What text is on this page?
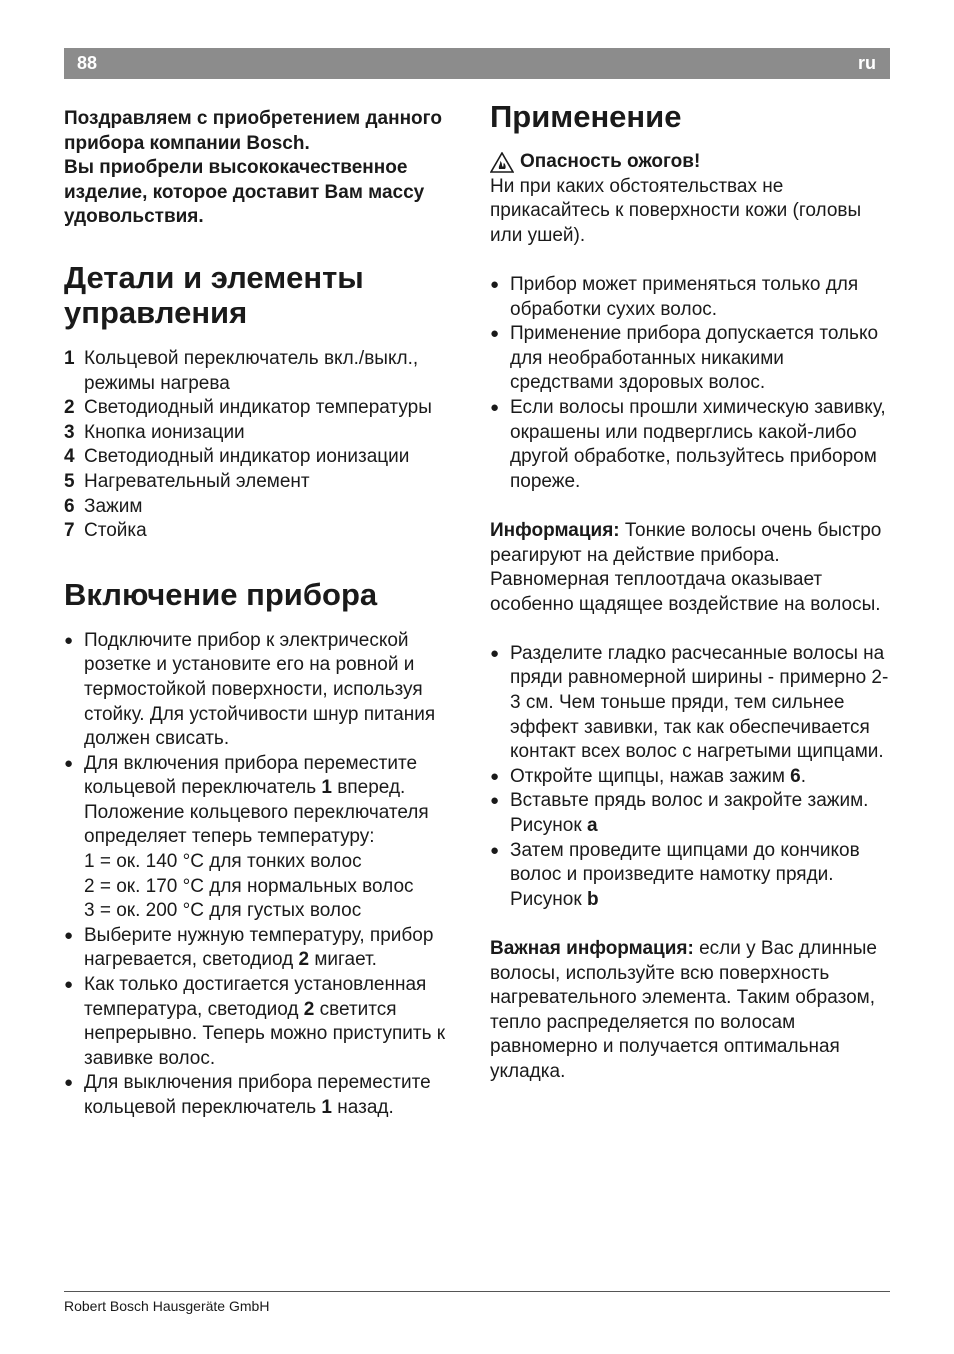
88	ru

Поздравляем с приобретением данного
прибора компании Bosch.
Вы приобрели высококачественное
изделие, которое доставит Вам массу
удовольствия.

Детали и элементы
управления
1 Кольцевой переключатель вкл./выкл., режимы нагрева
2 Светодиодный индикатор температуры
3 Кнопка ионизации
4 Светодиодный индикатор ионизации
5 Нагревательный элемент
6 Зажим
7 Стойка
Включение прибора
● Подключите прибор к электрической розетке и установите его на ровной и термостойкой поверхности, используя стойку. Для устойчивости шнур питания должен свисать.
● Для включения прибора переместите кольцевой переключатель 1 вперед.
Положение кольцевого переключателя определяет теперь температуру:
1 = ок. 140 °C для тонких волос
2 = ок. 170 °C для нормальных волос
3 = ок. 200 °C для густых волос
● Выберите нужную температуру, прибор нагревается, светодиод 2 мигает.
● Как только достигается установленная температура, светодиод 2 светится непрерывно. Теперь можно приступить к завивке волос.
● Для выключения прибора переместите кольцевой переключатель 1 назад.
Применение
Опасность ожогов!
Ни при каких обстоятельствах не прикасайтесь к поверхности кожи (головы или ушей).
● Прибор может применяться только для обработки сухих волос.
● Применение прибора допускается только для необработанных никакими средствами здоровых волос.
● Если волосы прошли химическую завивку, окрашены или подверглись какой-либо другой обработке, пользуйтесь прибором пореже.
Информация: Тонкие волосы очень быстро реагируют на действие прибора. Равномерная теплоотдача оказывает особенно щадящее воздействие на волосы.
● Разделите гладко расчесанные волосы на пряди равномерной ширины - примерно 2-3 см. Чем тоньше пряди, тем сильнее эффект завивки, так как обеспечивается контакт всех волос с нагретыми щипцами.
● Откройте щипцы, нажав зажим 6.
● Вставьте прядь волос и закройте зажим. Рисунок a
● Затем проведите щипцами до кончиков волос и произведите намотку пряди. Рисунок b
Важная информация: если у Вас длинные волосы, используйте всю поверхность нагревательного элемента. Таким образом, тепло распределяется по волосам равномерно и получается оптимальная укладка.
Robert Bosch Hausgeräte GmbH
